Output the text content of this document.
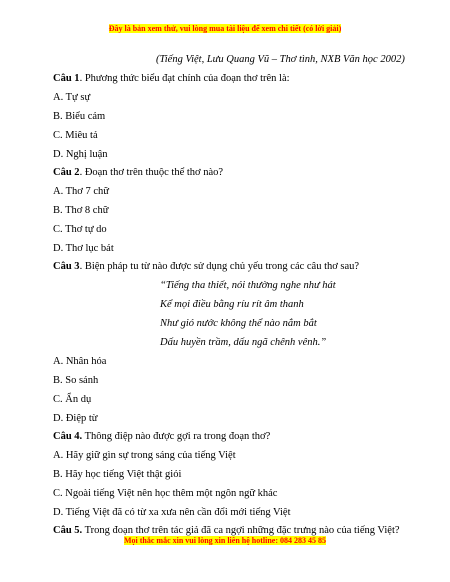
Đây là bản xem thử, vui lòng mua tài liệu để xem chi tiết (có lời giải)
(Tiếng Việt, Lưu Quang Vũ – Thơ tình, NXB Văn học 2002)
Câu 1. Phương thức biểu đạt chính của đoạn thơ trên là:
A. Tự sự
B. Biểu cảm
C. Miêu tả
D. Nghị luận
Câu 2. Đoạn thơ trên thuộc thể thơ nào?
A. Thơ 7 chữ
B. Thơ 8 chữ
C. Thơ tự do
D. Thơ lục bát
Câu 3. Biện pháp tu từ nào được sử dụng chủ yếu trong các câu thơ sau?
“Tiếng tha thiết, nói thường nghe như hát
Kể mọi điều bằng ríu rít âm thanh
Như gió nước không thể nào nắm bắt
Dấu huyền trầm, dấu ngã chênh vênh.”
A. Nhân hóa
B. So sánh
C. Ẩn dụ
D. Điệp từ
Câu 4. Thông điệp nào được gợi ra trong đoạn thơ?
A. Hãy giữ gìn sự trong sáng của tiếng Việt
B. Hãy học tiếng Việt thật giỏi
C. Ngoài tiếng Việt nên học thêm một ngôn ngữ khác
D. Tiếng Việt đã có từ xa xưa nên cần đổi mới tiếng Việt
Câu 5. Trong đoạn thơ trên tác giả đã ca ngợi những đặc trưng nào của tiếng Việt?
Mọi thắc mắc xin vui lòng xin liên hệ hotline: 084 283 45 85
